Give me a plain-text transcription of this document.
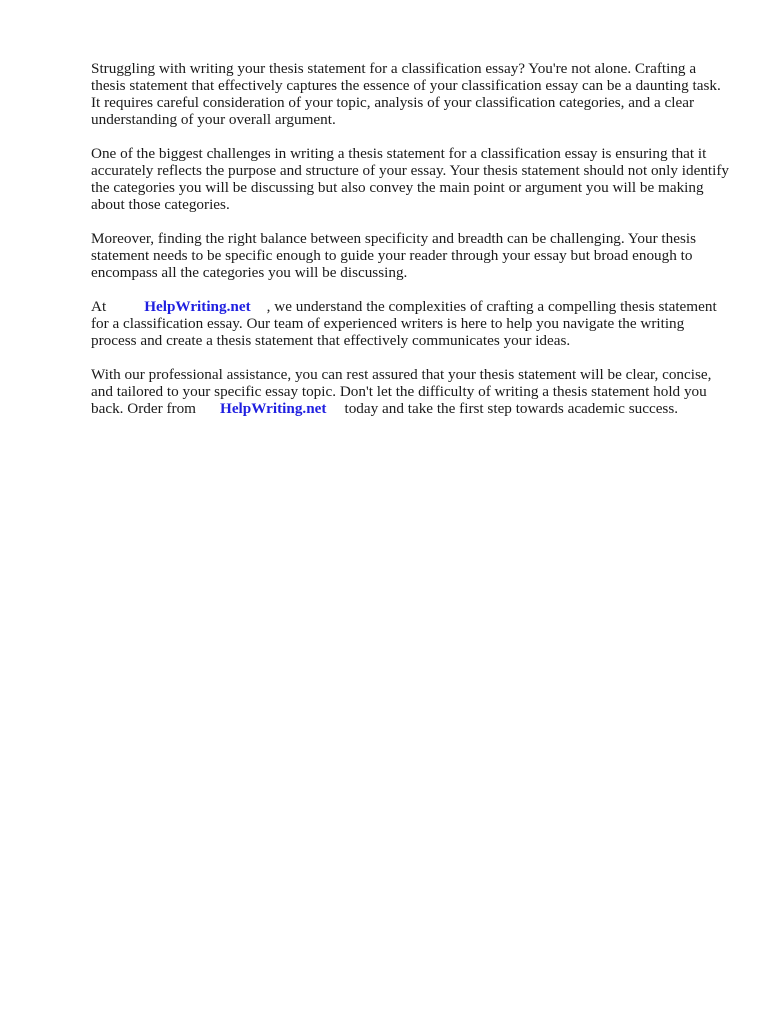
Struggling with writing your thesis statement for a classification essay? You're not alone. Crafting a thesis statement that effectively captures the essence of your classification essay can be a daunting task. It requires careful consideration of your topic, analysis of your classification categories, and a clear understanding of your overall argument.

One of the biggest challenges in writing a thesis statement for a classification essay is ensuring that it accurately reflects the purpose and structure of your essay. Your thesis statement should not only identify the categories you will be discussing but also convey the main point or argument you will be making about those categories.

Moreover, finding the right balance between specificity and breadth can be challenging. Your thesis statement needs to be specific enough to guide your reader through your essay but broad enough to encompass all the categories you will be discussing.

At	HelpWriting.net , we understand the complexities of crafting a compelling thesis statement for a classification essay. Our team of experienced writers is here to help you navigate the writing process and create a thesis statement that effectively communicates your ideas.

With our professional assistance, you can rest assured that your thesis statement will be clear, concise, and tailored to your specific essay topic. Don't let the difficulty of writing a thesis statement hold you back. Order from HelpWriting.net today and take the first step towards academic success.
